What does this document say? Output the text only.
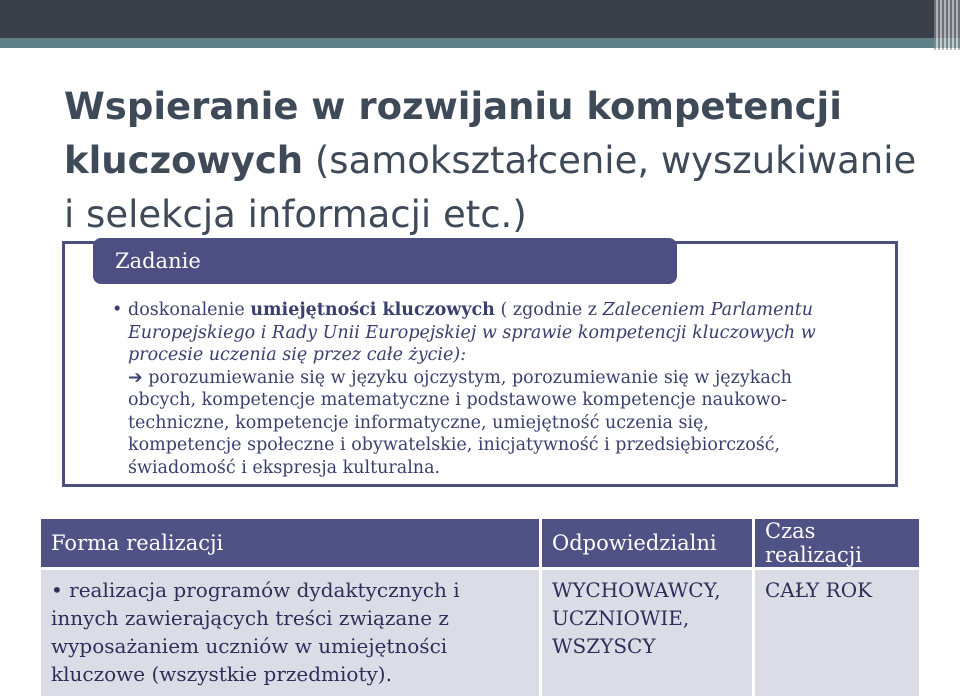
Wspieranie w rozwijaniu kompetencji kluczowych (samokształcenie, wyszukiwanie i selekcja informacji etc.)
Zadanie
• doskonalenie umiejętności kluczowych ( zgodnie z Zaleceniem Parlamentu Europejskiego i Rady Unii Europejskiej w sprawie kompetencji kluczowych w procesie uczenia się przez całe życie):
➔ porozumiewanie się w języku ojczystym, porozumiewanie się w językach obcych, kompetencje matematyczne i podstawowe kompetencje naukowo-techniczne, kompetencje informatyczne, umiejętność uczenia się, kompetencje społeczne i obywatelskie, inicjatywność i przedsiębiorczość, świadomość i ekspresja kulturalna.
Forma realizacji	Odpowiedzialni	Czas realizacji
• realizacja programów dydaktycznych i innych zawierających treści związane z wyposażaniem uczniów w umiejętności kluczowe (wszystkie przedmioty).	WYCHOWAWCY, UCZNIOWIE, WSZYSCY	CAŁY ROK
